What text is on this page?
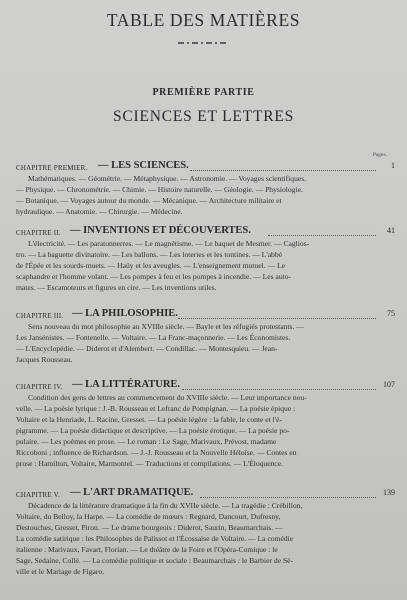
TABLE DES MATIÈRES
PREMIÈRE PARTIE
SCIENCES ET LETTRES
Pages.
CHAPITRE PREMIER. — LES SCIENCES.	1
Mathématiques. — Géométrie. — Métaphysique. — Astronomie. — Voyages scientifiques.
— Physique. — Chronométrie. — Chimie. — Histoire naturelle. — Géologie. — Physiologie.
— Botanique. — Voyages autour du monde. — Mécanique. — Architecture militaire et
hydraulique. — Anatomie. — Chirurgie. — Médecine.
CHAPITRE II. — INVENTIONS ET DÉCOUVERTES.	41
L'électricité. — Les paratonnerres. — Le magnétisme. — Le baquet de Mesmer. — Caglios-
tro. — La baguette divinatoire. — Les ballons. — Les loteries et les tontines. — L'abbé
de l'Épée et les sourds-muets. — Haüy et les aveugles. — L'enseignement mutuel. — Le
scaphandre et l'homme volant. — Les pompes à feu et les pompes à incendie. — Les auto-
mates. — Escamoteurs et figures en cire. — Les inventions utiles.
CHAPITRE III. — LA PHILOSOPHIE.	75
Sens nouveau du mot philosophie au XVIIIe siècle. — Bayle et les réfugiés protestants. —
Les Jansénistes. — Fontenelle. — Voltaire. — La Franc-maçonnerie. — Les Économistes.
— L'Encyclopédie. — Diderot et d'Alembert. — Condillac. — Montesquieu. — Jean-
Jacques Rousseau.
CHAPITRE IV. — LA LITTÉRATURE.	107
Condition des gens de lettres au commencement du XVIIIe siècle. — Leur importance nou-
velle. — La poésie lyrique : J.-B. Rousseau et Lefranc de Pompignan. — La poésie épique :
Voltaire et la Henriade, L. Racine, Gresset. — La poésie légère : la fable, le conte et l'é-
pigramme. — La poésie didactique et descriptive. — La poésie érotique. — La poésie po-
pulaire. — Les poèmes en prose. — Le roman : Le Sage, Marivaux, Prévost, madame
Riccoboni ; influence de Richardson. — J.-J. Rousseau et la Nouvelle Héloïse. — Contes en
prose : Hamilton, Voltaire, Marmontel. — Traductions et compilations. — L'Éloquence.
CHAPITRE V. — L'ART DRAMATIQUE.	139
Décadence de la littérature dramatique à la fin du XVIIe siècle. — La tragédie : Crébillon,
Voltaire, du Belloy, la Harpe. — La comédie de mœurs : Regnard, Dancourt, Dufresny,
Destouches, Gresset, Piron. — Le drame bourgeois : Diderot, Saurin, Beaumarchais. —
La comédie satirique : les Philosophes de Palissot et l'Écossaise de Voltaire. — La comédie
italienne : Marivaux, Favart, Florian. — Le théâtre de la Foire et l'Opéra-Comique : le
Sage, Sedaine, Collé. — La comédie politique et sociale : Beaumarchais : le Barbier de Sé-
ville et le Mariage de Figaro.
